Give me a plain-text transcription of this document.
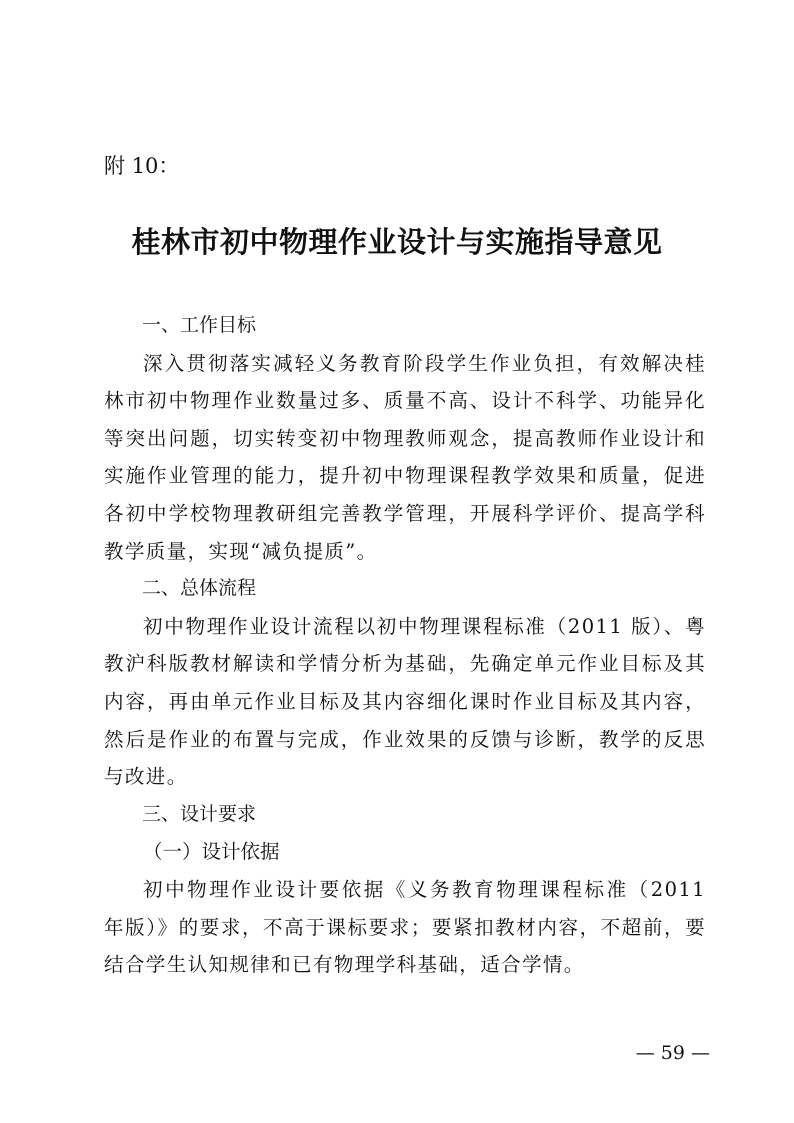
附 10：
桂林市初中物理作业设计与实施指导意见

一、工作目标

深入贯彻落实减轻义务教育阶段学生作业负担，有效解决桂林市初中物理作业数量过多、质量不高、设计不科学、功能异化等突出问题，切实转变初中物理教师观念，提高教师作业设计和实施作业管理的能力，提升初中物理课程教学效果和质量，促进各初中学校物理教研组完善教学管理，开展科学评价、提高学科教学质量，实现“减负提质”。

二、总体流程

初中物理作业设计流程以初中物理课程标准（2011 版）、粤教沪科版教材解读和学情分析为基础，先确定单元作业目标及其内容，再由单元作业目标及其内容细化课时作业目标及其内容，然后是作业的布置与完成，作业效果的反馈与诊断，教学的反思与改进。

三、设计要求

（一）设计依据

初中物理作业设计要依据《义务教育物理课程标准（2011 年版）》的要求，不高于课标要求；要紧扣教材内容，不超前，要结合学生认知规律和已有物理学科基础，适合学情。

— 59 —
